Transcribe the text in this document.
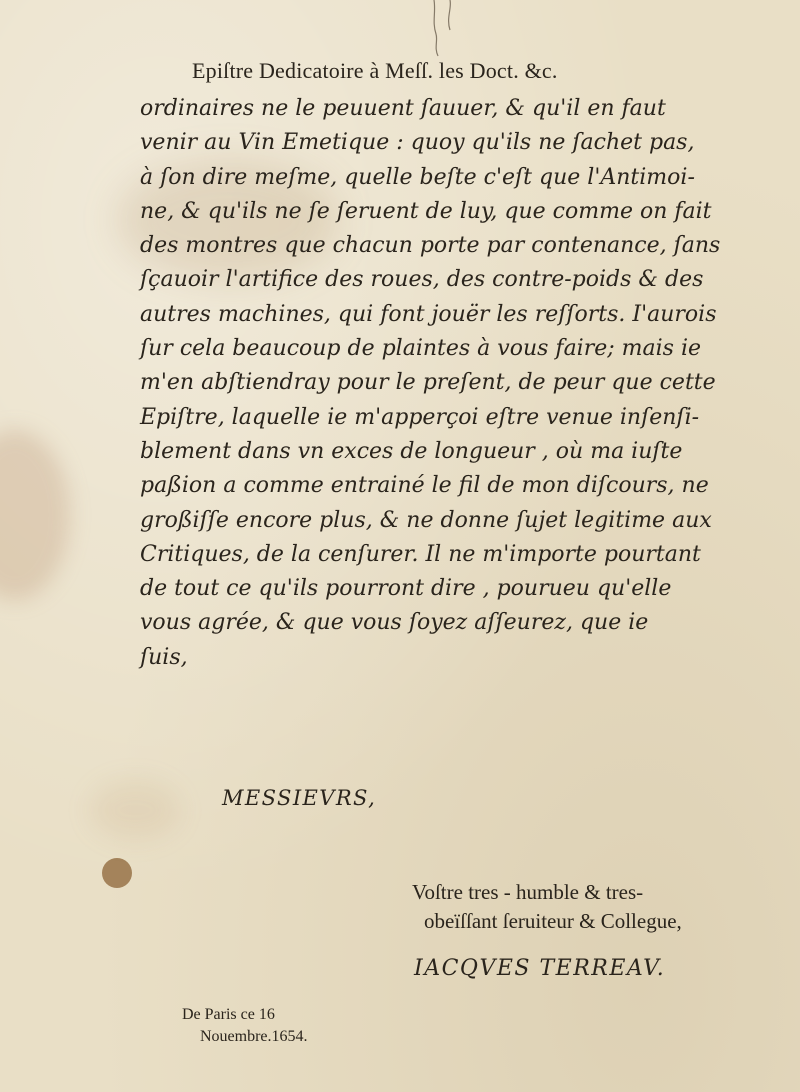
Epiſtre Dedicatoire à Meſſ. les Doct. &c.
ordinaires ne le peuuent ſauuer, & qu'il en faut
venir au Vin Emetique : quoy qu'ils ne ſachet pas,
à ſon dire meſme, quelle beſte c'eſt que l'Antimoi-
ne, & qu'ils ne ſe ſeruent de luy, que comme on fait
des montres que chacun porte par contenance, ſans
ſçauoir l'artifice des roues, des contre-poids & des
autres machines, qui font jouër les reſſorts. I'aurois
ſur cela beaucoup de plaintes à vous faire; mais ie
m'en abſtiendray pour le preſent, de peur que cette
Epiſtre, laquelle ie m'apperçoi eſtre venue inſenſi-
blement dans vn exces de longueur , où ma iuſte
paßion a comme entrainé le fil de mon diſcours, ne
großiſſe encore plus, & ne donne ſujet legitime aux
Critiques, de la cenſurer. Il ne m'importe pourtant
de tout ce qu'ils pourront dire , pourueu qu'elle
vous agrée, & que vous ſoyez aſſeurez, que ie
ſuis,
MESSIEVRS,
Voſtre tres - humble & tres-
obeïſſant ſeruiteur & Collegue,
IACQVES TERREAV.
De Paris ce 16
Nouembre.1654.
